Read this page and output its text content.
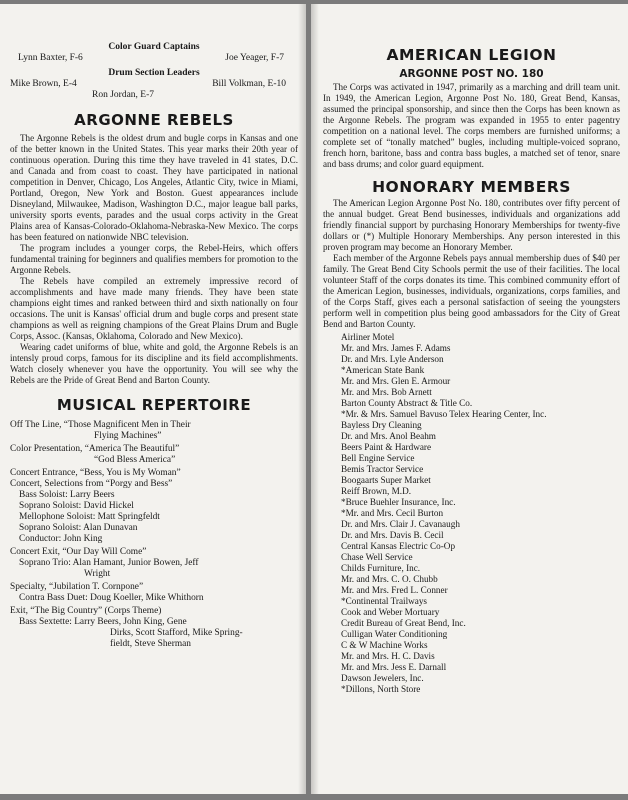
Color Guard Captains
Lynn Baxter, F-6	Joe Yeager, F-7
Drum Section Leaders
Mike Brown, E-4	Bill Volkman, E-10
Ron Jordan, E-7
ARGONNE REBELS

The Argonne Rebels is the oldest drum and bugle corps in Kansas and one of the better known in the United States. This year marks their 20th year of continuous operation. During this time they have traveled in 41 states, D.C. and Canada and from coast to coast. They have participated in national competition in Denver, Chicago, Los Angeles, Atlantic City, twice in Miami, Portland, Oregon, New York and Boston. Guest appearances include Disneyland, Milwaukee, Madison, Washington D.C., major league ball parks, university sports events, parades and the usual corps activity in the Great Plains area of Kansas-Colorado-Oklahoma-Nebraska-New Mexico. The corps has been featured on nationwide NBC television.

The program includes a younger corps, the Rebel-Heirs, which offers fundamental training for beginners and qualifies members for promotion to the Argonne Rebels.

The Rebels have compiled an extremely impressive record of accomplishments and have made many friends. They have been state champions eight times and ranked between third and sixth nationally on four occasions. The unit is Kansas' official drum and bugle corps and present state champions as well as reigning champions of the Great Plains Drum and Bugle Corps, Assoc. (Kansas, Oklahoma, Colorado and New Mexico).

Wearing cadet uniforms of blue, white and gold, the Argonne Rebels is an intensly proud corps, famous for its discipline and its field accomplishments. Watch closely whenever you have the opportunity. You will see why the Rebels are the Pride of Great Bend and Barton County.

MUSICAL REPERTOIRE
Off The Line, “Those Magnificent Men in Their
Flying Machines”
Color Presentation, “America The Beautiful”
“God Bless America”
Concert Entrance, “Bess, You is My Woman”
Concert, Selections from “Porgy and Bess”
Bass Soloist: Larry Beers
Soprano Soloist: David Hickel
Mellophone Soloist: Matt Springfeldt
Soprano Soloist: Alan Dunavan
Conductor: John King
Concert Exit, “Our Day Will Come”
Soprano Trio: Alan Hamant, Junior Bowen, Jeff
Wright
Specialty, “Jubilation T. Cornpone”
Contra Bass Duet: Doug Koeller, Mike Whithorn
Exit, “The Big Country” (Corps Theme)
Bass Sextette: Larry Beers, John King, Gene
Dirks, Scott Stafford, Mike Spring-
fieldt, Steve Sherman
AMERICAN LEGION
ARGONNE POST NO. 180

The Corps was activated in 1947, primarily as a marching and drill team unit. In 1949, the American Legion, Argonne Post No. 180, Great Bend, Kansas, assumed the principal sponsorship, and since then the Corps has been known as the Argonne Rebels. The program was expanded in 1955 to enter pagentry competition on a national level. The corps members are furnished uniforms; a complete set of “tonally matched” bugles, including multiple-voiced soprano, french horn, baritone, bass and contra bass bugles, a matched set of tenor, snare and bass drums; and color guard equipment.

HONORARY MEMBERS

The American Legion Argonne Post No. 180, contributes over fifty percent of the annual budget. Great Bend businesses, individuals and organizations add friendly financial support by purchasing Honorary Memberships for twenty-five dollars or (*) Multiple Honorary Memberships. Any person interested in this proven program may become an Honorary Member.

Each member of the Argonne Rebels pays annual membership dues of $40 per family. The Great Bend City Schools permit the use of their facilities. The local volunteer Staff of the corps donates its time. This combined community effort of the American Legion, businesses, individuals, organizations, corps families, and of the Corps Staff, gives each a personal satisfaction of seeing the youngsters perform well in competition plus being good ambassadors for the City of Great Bend and Barton County.

Airliner Motel
Mr. and Mrs. James F. Adams
Dr. and Mrs. Lyle Anderson
*American State Bank
Mr. and Mrs. Glen E. Armour
Mr. and Mrs. Bob Arnett
Barton County Abstract & Title Co.
*Mr. & Mrs. Samuel Bavuso Telex Hearing Center, Inc.
Bayless Dry Cleaning
Dr. and Mrs. Anol Beahm
Beers Paint & Hardware
Bell Engine Service
Bemis Tractor Service
Boogaarts Super Market
Reiff Brown, M.D.
*Bruce Buehler Insurance, Inc.
*Mr. and Mrs. Cecil Burton
Dr. and Mrs. Clair J. Cavanaugh
Dr. and Mrs. Davis B. Cecil
Central Kansas Electric Co-Op
Chase Well Service
Childs Furniture, Inc.
Mr. and Mrs. C. O. Chubb
Mr. and Mrs. Fred L. Conner
*Continental Trailways
Cook and Weber Mortuary
Credit Bureau of Great Bend, Inc.
Culligan Water Conditioning
C & W Machine Works
Mr. and Mrs. H. C. Davis
Mr. and Mrs. Jess E. Darnall
Dawson Jewelers, Inc.
*Dillons, North Store
